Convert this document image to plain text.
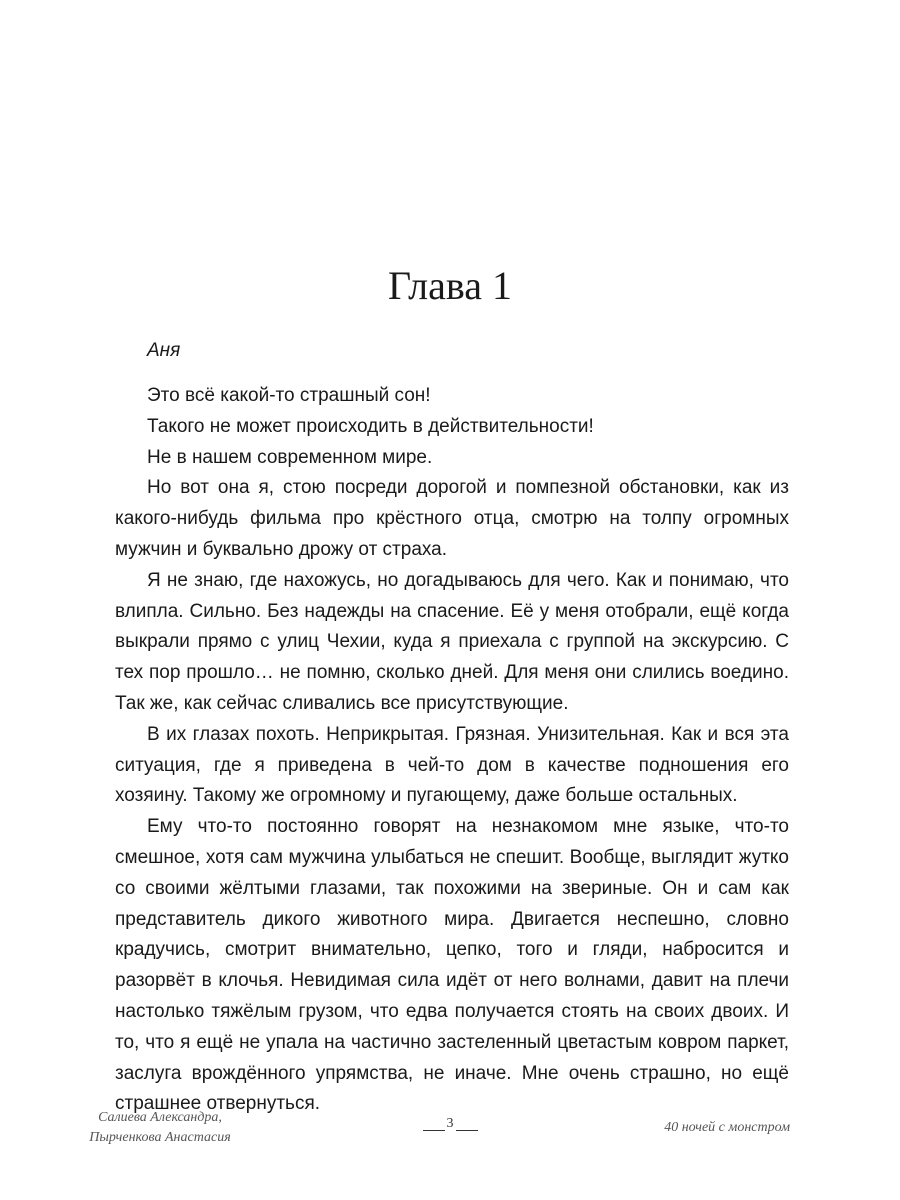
Глава 1

Аня

Это всё какой-то страшный сон!

Такого не может происходить в действительности!

Не в нашем современном мире.

Но вот она я, стою посреди дорогой и помпезной обстановки, как из какого-нибудь фильма про крёстного отца, смотрю на толпу огромных мужчин и буквально дрожу от страха.

Я не знаю, где нахожусь, но догадываюсь для чего. Как и понимаю, что влипла. Сильно. Без надежды на спасение. Её у меня отобрали, ещё когда выкрали прямо с улиц Чехии, куда я приехала с группой на экскурсию. С тех пор прошло… не помню, сколько дней. Для меня они слились воедино. Так же, как сейчас сливались все присутствующие.

В их глазах похоть. Неприкрытая. Грязная. Унизительная. Как и вся эта ситуация, где я приведена в чей-то дом в качестве подношения его хозяину. Такому же огромному и пугающему, даже больше остальных.

Ему что-то постоянно говорят на незнакомом мне языке, что-то смешное, хотя сам мужчина улыбаться не спешит. Вообще, выглядит жутко со своими жёлтыми глазами, так похожими на звериные. Он и сам как представитель дикого животного мира. Двигается неспешно, словно крадучись, смотрит внимательно, цепко, того и гляди, набросится и разорвёт в клочья. Невидимая сила идёт от него волнами, давит на плечи настолько тяжёлым грузом, что едва получается стоять на своих двоих. И то, что я ещё не упала на частично застеленный цветастым ковром паркет, заслуга врождённого упрямства, не иначе. Мне очень страшно, но ещё страшнее отвернуться.

Салиева Александра,
Пырченкова Анастасия
3	40 ночей с монстром
